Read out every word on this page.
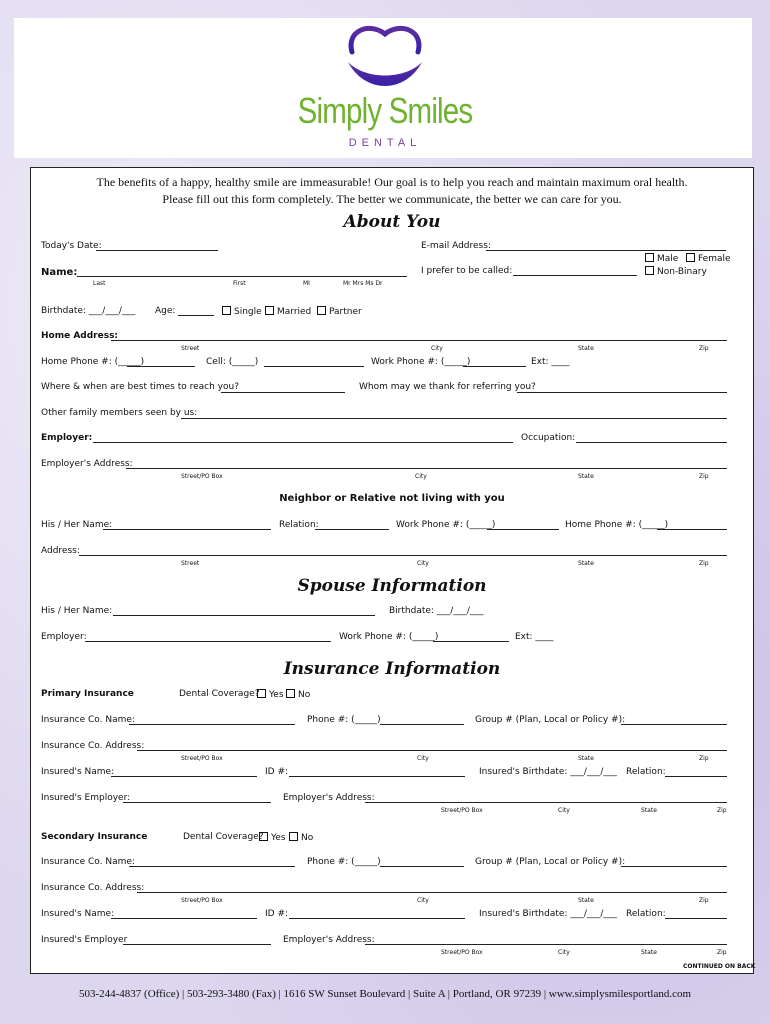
Simply Smiles
DENTAL
The benefits of a happy, healthy smile are immeasurable! Our goal is to help you reach and maintain maximum oral health.
Please fill out this form completely. The better we communicate, the better we can care for you.
About You
Today's Date:	E-mail Address:
Male	Female
Non-Binary
Name:	I prefer to be called:
Last	First	MI	Mr Mrs Ms Dr
Birthdate: ___/___/___ Age:	Single	Married	Partner
Home Address:
Street	City	State	Zip
Home Phone #: (_____)	Cell: (_____)	Work Phone #: (_____)	Ext: ____
Where & when are best times to reach you?	Whom may we thank for referring you?
Other family members seen by us:
Employer:	Occupation:
Employer's Address:
Street/PO Box	City	State	Zip
Neighbor or Relative not living with you
His / Her Name:	Relation:	Work Phone #: (_____)	Home Phone #: (_____)
Address:
Street	City	State	Zip
Spouse Information
His / Her Name:	Birthdate: ___/___/___
Employer:	Work Phone #: (_____)	Ext: ____
Insurance Information
Primary Insurance	Dental Coverage?	Yes	No
Insurance Co. Name:	Phone #: (_____)	Group # (Plan, Local or Policy #):
Insurance Co. Address:
Street/PO Box	City	State	Zip
Insured's Name:	ID #:	Insured's Birthdate: ___/___/___ Relation:
Insured's Employer:	Employer's Address:
Street/PO Box	City	State	Zip
Secondary Insurance	Dental Coverage? Yes	No
Insurance Co. Name:	Phone #: (_____)	Group # (Plan, Local or Policy #):
Insurance Co. Address:
Street/PO Box	City	State	Zip
Insured's Name:	ID #:	Insured's Birthdate: ___/___/___ Relation:
Insured's Employer	Employer's Address:
Street/PO Box	City	State	Zip
CONTINUED ON BACK
503-244-4837 (Office) | 503-293-3480 (Fax) | 1616 SW Sunset Boulevard | Suite A | Portland, OR 97239 | www.simplysmilesportland.com
